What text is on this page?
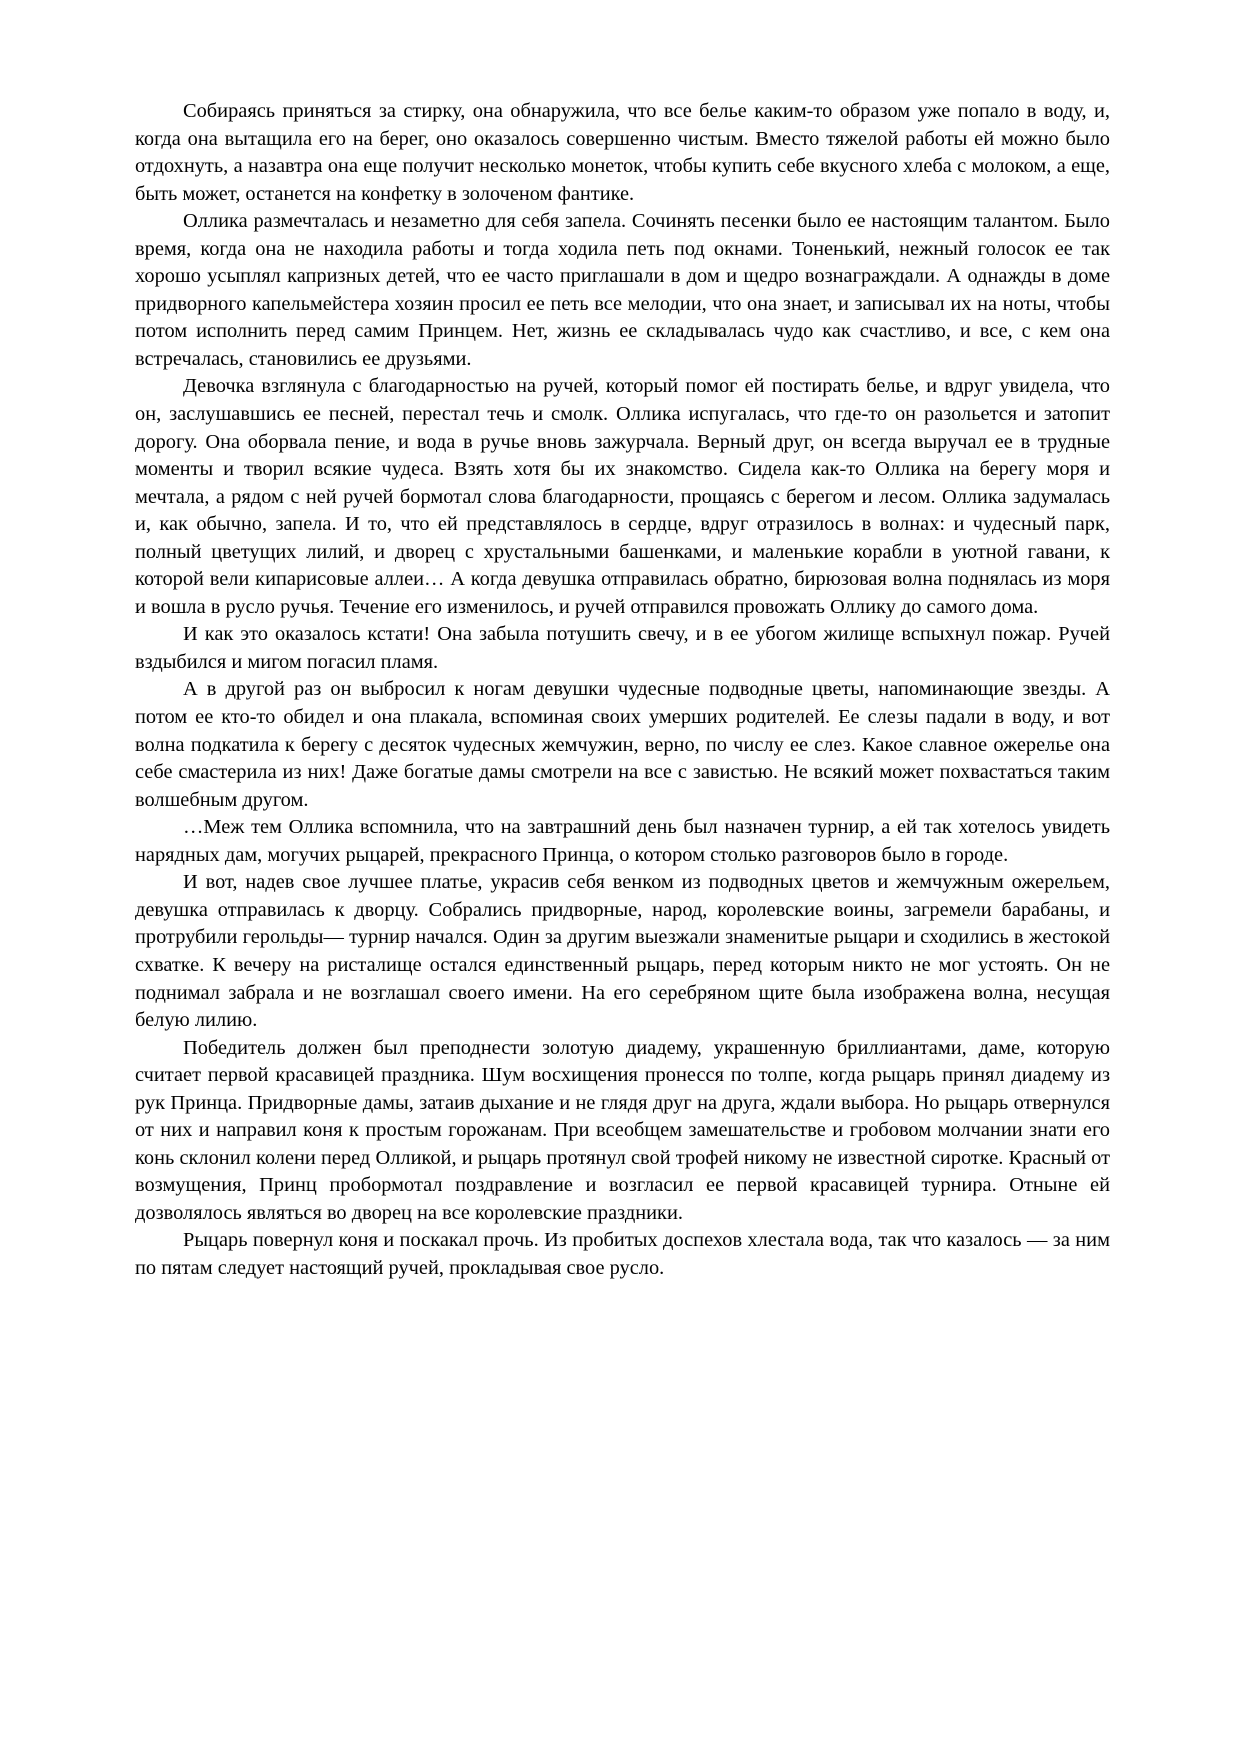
Собираясь приняться за стирку, она обнаружила, что все белье каким-то образом уже попало в воду, и, когда она вытащила его на берег, оно оказалось совершенно чистым. Вместо тяжелой работы ей можно было отдохнуть, а назавтра она еще получит несколько монеток, чтобы купить себе вкусного хлеба с молоком, а еще, быть может, останется на конфетку в золоченом фантике.

Оллика размечталась и незаметно для себя запела. Сочинять песенки было ее настоящим талантом. Было время, когда она не находила работы и тогда ходила петь под окнами. Тоненький, нежный голосок ее так хорошо усыплял капризных детей, что ее часто приглашали в дом и щедро вознаграждали. А однажды в доме придворного капельмейстера хозяин просил ее петь все мелодии, что она знает, и записывал их на ноты, чтобы потом исполнить перед самим Принцем. Нет, жизнь ее складывалась чудо как счастливо, и все, с кем она встречалась, становились ее друзьями.

Девочка взглянула с благодарностью на ручей, который помог ей постирать белье, и вдруг увидела, что он, заслушавшись ее песней, перестал течь и смолк. Оллика испугалась, что где-то он разольется и затопит дорогу. Она оборвала пение, и вода в ручье вновь зажурчала. Верный друг, он всегда выручал ее в трудные моменты и творил всякие чудеса. Взять хотя бы их знакомство. Сидела как-то Оллика на берегу моря и мечтала, а рядом с ней ручей бормотал слова благодарности, прощаясь с берегом и лесом. Оллика задумалась и, как обычно, запела. И то, что ей представлялось в сердце, вдруг отразилось в волнах: и чудесный парк, полный цветущих лилий, и дворец с хрустальными башенками, и маленькие корабли в уютной гавани, к которой вели кипарисовые аллеи… А когда девушка отправилась обратно, бирюзовая волна поднялась из моря и вошла в русло ручья. Течение его изменилось, и ручей отправился провожать Оллику до самого дома.

И как это оказалось кстати! Она забыла потушить свечу, и в ее убогом жилище вспыхнул пожар. Ручей вздыбился и мигом погасил пламя.

А в другой раз он выбросил к ногам девушки чудесные подводные цветы, напоминающие звезды. А потом ее кто-то обидел и она плакала, вспоминая своих умерших родителей. Ее слезы падали в воду, и вот волна подкатила к берегу с десяток чудесных жемчужин, верно, по числу ее слез. Какое славное ожерелье она себе смастерила из них! Даже богатые дамы смотрели на все с завистью. Не всякий может похвастаться таким волшебным другом.

…Меж тем Оллика вспомнила, что на завтрашний день был назначен турнир, а ей так хотелось увидеть нарядных дам, могучих рыцарей, прекрасного Принца, о котором столько разговоров было в городе.

И вот, надев свое лучшее платье, украсив себя венком из подводных цветов и жемчужным ожерельем, девушка отправилась к дворцу. Собрались придворные, народ, королевские воины, загремели барабаны, и протрубили герольды— турнир начался. Один за другим выезжали знаменитые рыцари и сходились в жестокой схватке. К вечеру на ристалище остался единственный рыцарь, перед которым никто не мог устоять. Он не поднимал забрала и не возглашал своего имени. На его серебряном щите была изображена волна, несущая белую лилию.

Победитель должен был преподнести золотую диадему, украшенную бриллиантами, даме, которую считает первой красавицей праздника. Шум восхищения пронесся по толпе, когда рыцарь принял диадему из рук Принца. Придворные дамы, затаив дыхание и не глядя друг на друга, ждали выбора. Но рыцарь отвернулся от них и направил коня к простым горожанам. При всеобщем замешательстве и гробовом молчании знати его конь склонил колени перед Олликой, и рыцарь протянул свой трофей никому не известной сиротке. Красный от возмущения, Принц пробормотал поздравление и возгласил ее первой красавицей турнира. Отныне ей дозволялось являться во дворец на все королевские праздники.

Рыцарь повернул коня и поскакал прочь. Из пробитых доспехов хлестала вода, так что казалось — за ним по пятам следует настоящий ручей, прокладывая свое русло.
